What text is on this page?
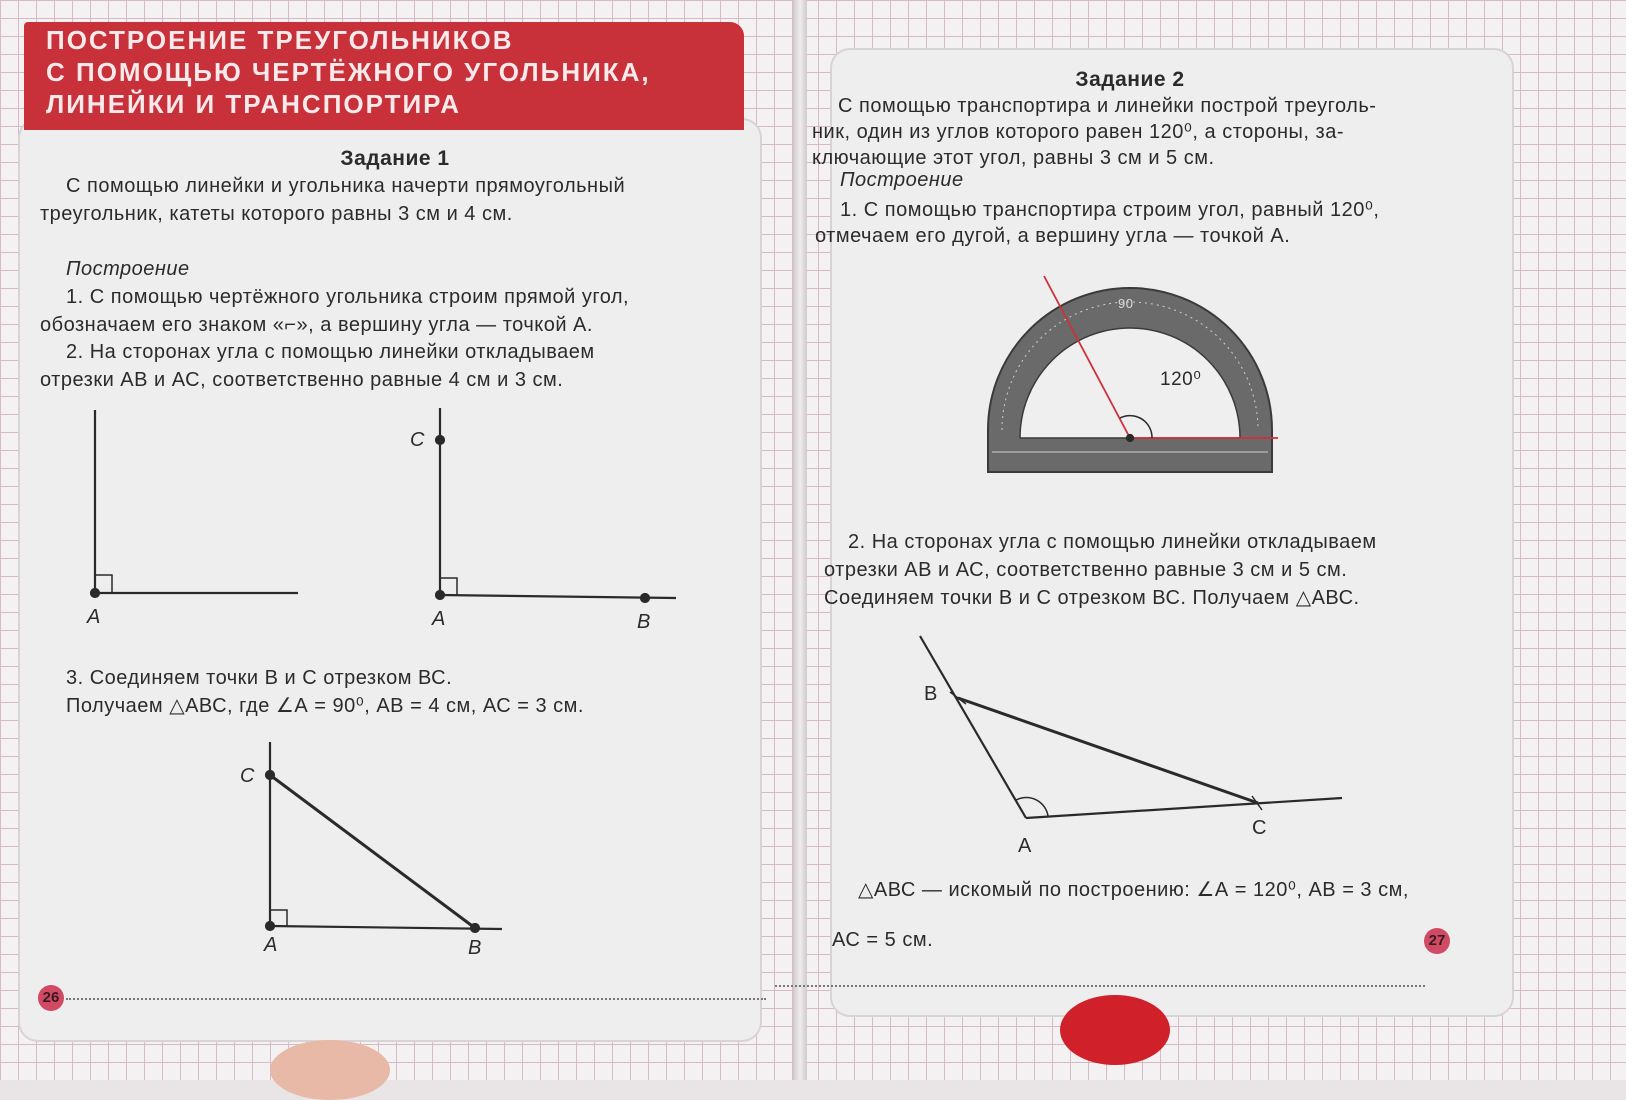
ПОСТРОЕНИЕ ТРЕУГОЛЬНИКОВ
С ПОМОЩЬЮ ЧЕРТЁЖНОГО УГОЛЬНИКА,
ЛИНЕЙКИ И ТРАНСПОРТИРА
Задание 1
С помощью линейки и угольника начерти прямоугольный
треугольник, катеты которого равны 3 см и 4 см.
Построение
1. С помощью чертёжного угольника строим прямой угол,
обозначаем его знаком «⌐», а вершину угла — точкой А.
2. На сторонах угла с помощью линейки откладываем
отрезки АВ и АС, соответственно равные 4 см и 3 см.
3. Соединяем точки В и С отрезком ВС.
Получаем △АВС, где ∠А = 90⁰, АВ = 4 см, АС = 3 см.
26
Задание 2
С помощью транспортира и линейки построй треуголь-
ник, один из углов которого равен 120⁰, а стороны, за-
ключающие этот угол, равны 3 см и 5 см.
Построение
1. С помощью транспортира строим угол, равный 120⁰,
отмечаем его дугой, а вершину угла — точкой А.
2. На сторонах угла с помощью линейки откладываем
отрезки АВ и АС, соответственно равные 3 см и 5 см.
Соединяем точки В и С отрезком ВС. Получаем △АВС.
△АВС — искомый по построению: ∠А = 120⁰, АВ = 3 см,
АС = 5 см.	27
A	A	B
C
A	B
C
120⁰
90
B
A
C
